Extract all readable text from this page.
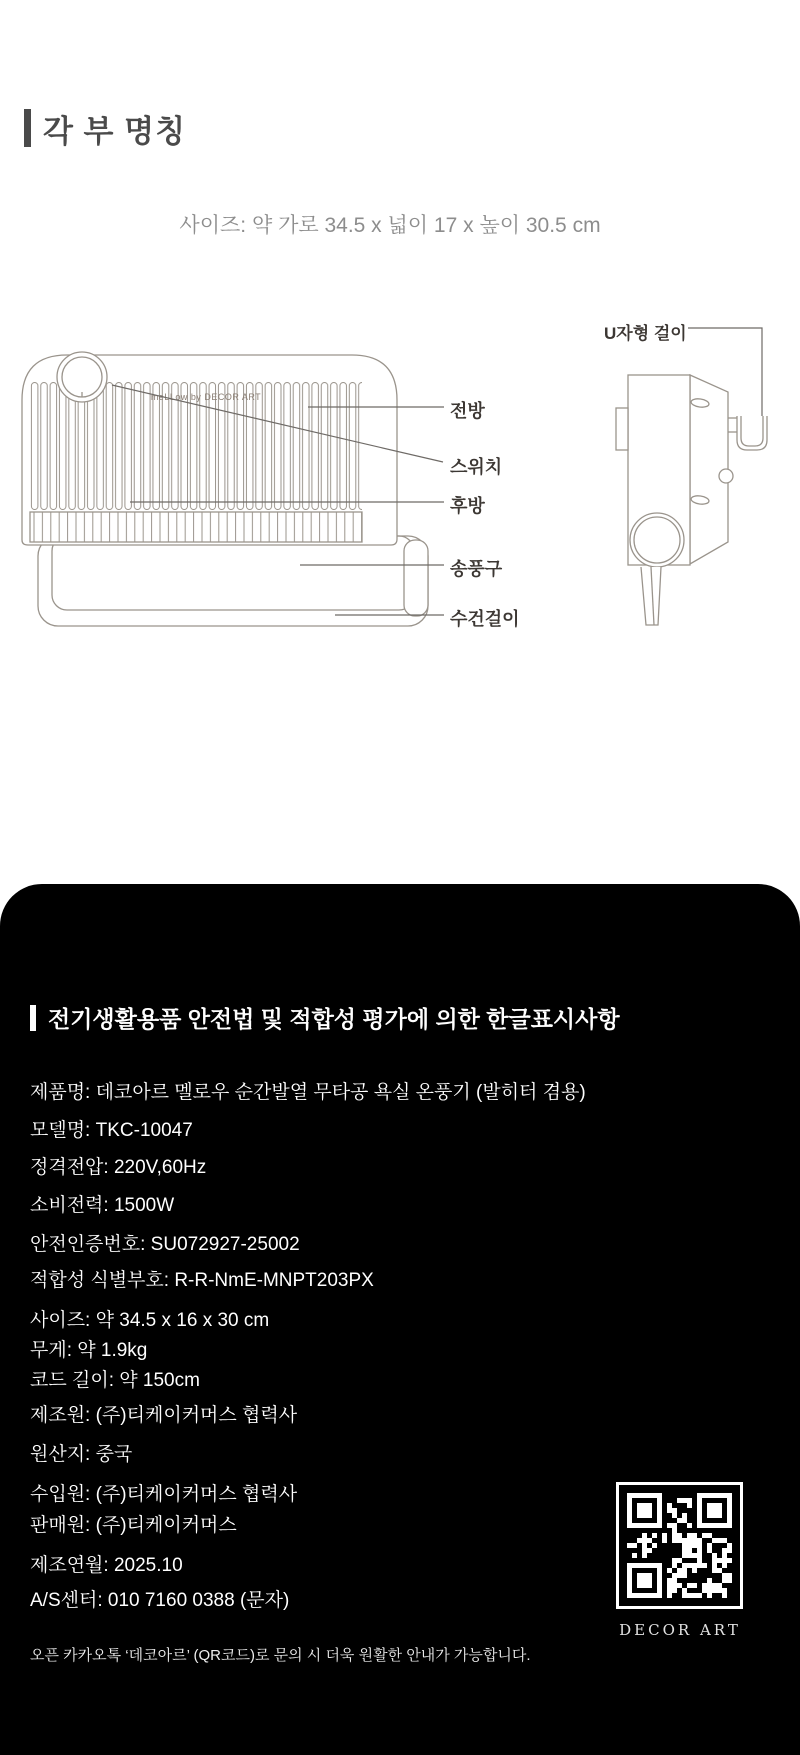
각 부 명칭
사이즈: 약 가로 34.5 x 넓이 17 x 높이 30.5 cm
meLLow by DECOR ART
전방
스위치
후방
송풍구
수건걸이
U자형 걸이
전기생활용품 안전법 및 적합성 평가에 의한 한글표시사항
제품명: 데코아르 멜로우 순간발열 무타공 욕실 온풍기 (발히터 겸용)
모델명: TKC-10047
정격전압: 220V,60Hz
소비전력: 1500W
안전인증번호: SU072927-25002
적합성 식별부호: R-R-NmE-MNPT203PX
사이즈: 약 34.5 x 16 x 30 cm
무게: 약 1.9kg
코드 길이: 약 150cm
제조원: (주)티케이커머스 협력사
원산지: 중국
수입원: (주)티케이커머스 협력사
판매원: (주)티케이커머스
제조연월: 2025.10
A/S센터: 010 7160 0388 (문자)
오픈 카카오톡 ‘데코아르’ (QR코드)로 문의 시 더욱 원활한 안내가 가능합니다.
DECOR ART
